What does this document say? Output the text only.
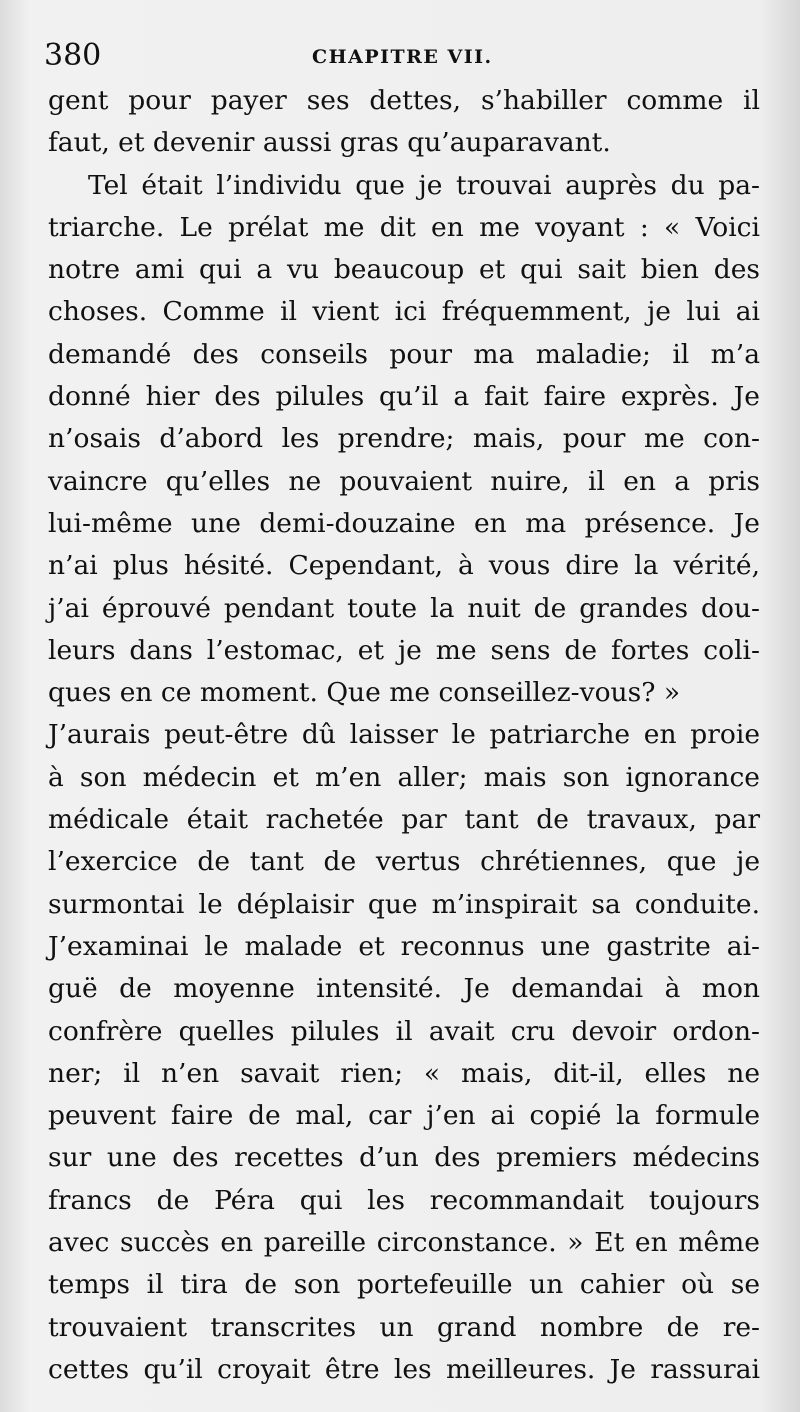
380	CHAPITRE VII.
gent pour payer ses dettes, s’habiller comme il
faut, et devenir aussi gras qu’auparavant.
Tel était l’individu que je trouvai auprès du pa-
triarche. Le prélat me dit en me voyant : « Voici
notre ami qui a vu beaucoup et qui sait bien des
choses. Comme il vient ici fréquemment, je lui ai
demandé des conseils pour ma maladie; il m’a
donné hier des pilules qu’il a fait faire exprès. Je
n’osais d’abord les prendre; mais, pour me con-
vaincre qu’elles ne pouvaient nuire, il en a pris
lui-même une demi-douzaine en ma présence. Je
n’ai plus hésité. Cependant, à vous dire la vérité,
j’ai éprouvé pendant toute la nuit de grandes dou-
leurs dans l’estomac, et je me sens de fortes coli-
ques en ce moment. Que me conseillez-vous? »
J’aurais peut-être dû laisser le patriarche en proie
à son médecin et m’en aller; mais son ignorance
médicale était rachetée par tant de travaux, par
l’exercice de tant de vertus chrétiennes, que je
surmontai le déplaisir que m’inspirait sa conduite.
J’examinai le malade et reconnus une gastrite ai-
guë de moyenne intensité. Je demandai à mon
confrère quelles pilules il avait cru devoir ordon-
ner; il n’en savait rien; « mais, dit-il, elles ne
peuvent faire de mal, car j’en ai copié la formule
sur une des recettes d’un des premiers médecins
francs de Péra qui les recommandait toujours
avec succès en pareille circonstance. » Et en même
temps il tira de son portefeuille un cahier où se
trouvaient transcrites un grand nombre de re-
cettes qu’il croyait être les meilleures. Je rassurai
